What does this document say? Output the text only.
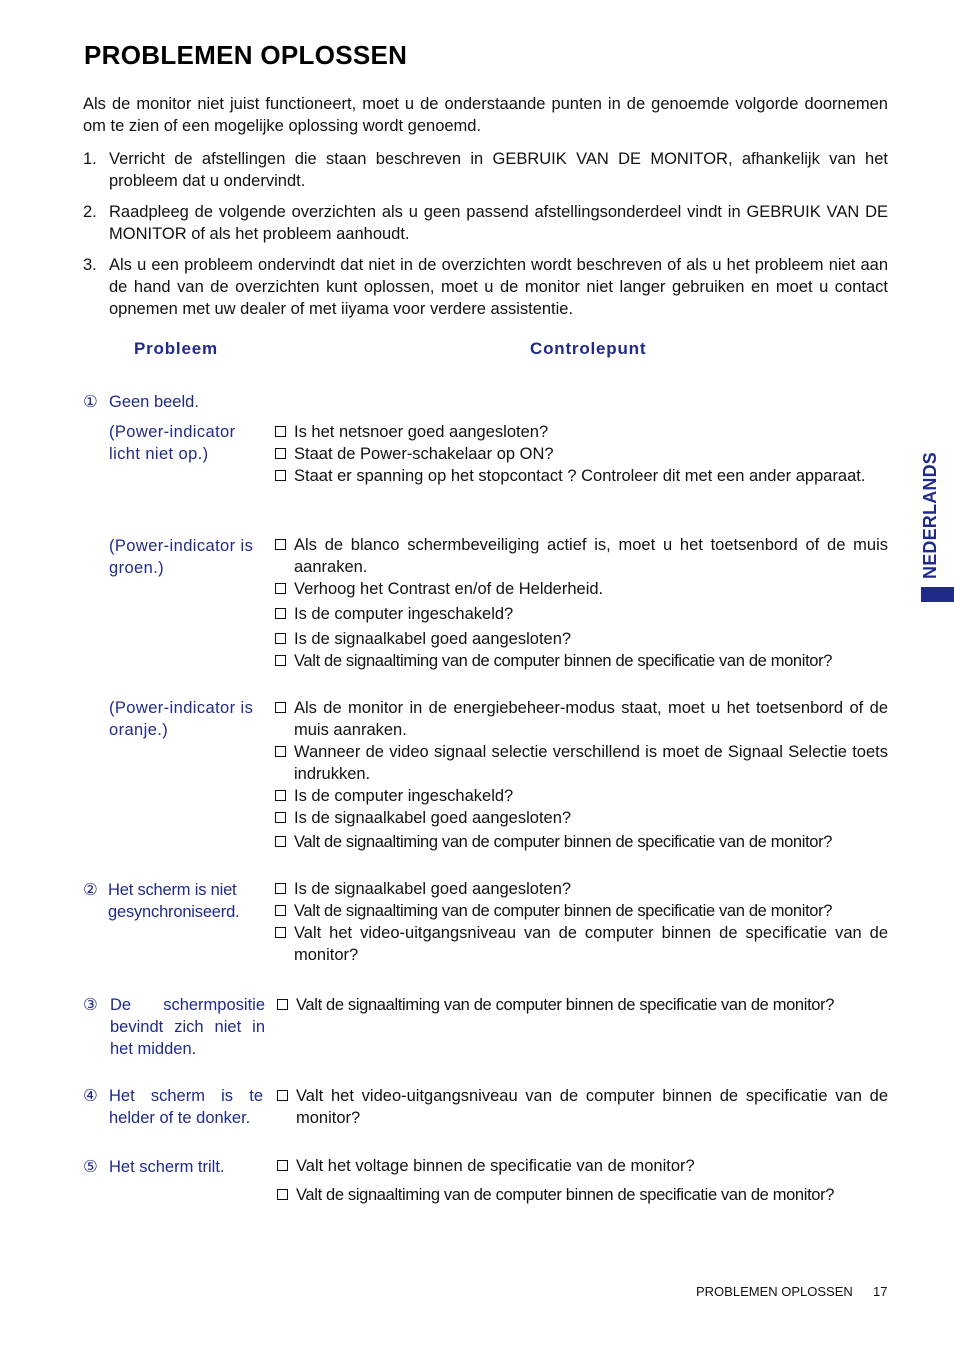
PROBLEMEN OPLOSSEN
Als de monitor niet juist functioneert, moet u de onderstaande punten in de genoemde volgorde doornemen om te zien of een mogelijke oplossing wordt genoemd.
1. Verricht de afstellingen die staan beschreven in GEBRUIK VAN DE MONITOR, afhankelijk van het probleem dat u ondervindt.
2. Raadpleeg de volgende overzichten als u geen passend afstellingsonderdeel vindt in GEBRUIK VAN DE MONITOR of als het probleem aanhoudt.
3. Als u een probleem ondervindt dat niet in de overzichten wordt beschreven of als u het probleem niet aan de hand van de overzichten kunt oplossen, moet u de monitor niet langer gebruiken en moet u contact opnemen met uw dealer of met iiyama voor verdere assistentie.
Probleem	Controlepunt
① Geen beeld.
(Power-indicator licht niet op.)
Is het netsnoer goed aangesloten?
Staat de Power-schakelaar op ON?
Staat er spanning op het stopcontact ? Controleer dit met een ander apparaat.
(Power-indicator is groen.)
Als de blanco schermbeveiliging actief is, moet u het toetsenbord of de muis aanraken.
Verhoog het Contrast en/of de Helderheid.
Is de computer ingeschakeld?
Is de signaalkabel goed aangesloten?
Valt de signaaltiming van de computer binnen de specificatie van de monitor?
(Power-indicator is oranje.)
Als de monitor in de energiebeheer-modus staat, moet u het toetsenbord of de muis aanraken.
Wanneer de video signaal selectie verschillend is moet de Signaal Selectie toets indrukken.
Is de computer ingeschakeld?
Is de signaalkabel goed aangesloten?
Valt de signaaltiming van de computer binnen de specificatie van de monitor?
② Het scherm is niet gesynchroniseerd.
Is de signaalkabel goed aangesloten?
Valt de signaaltiming van de computer binnen de specificatie van de monitor?
Valt het video-uitgangsniveau van de computer binnen de specificatie van de monitor?
③ De schermpositie bevindt zich niet in het midden.
Valt de signaaltiming van de computer binnen de specificatie van de monitor?
④ Het scherm is te helder of te donker.
Valt het video-uitgangsniveau van de computer binnen de specificatie van de monitor?
⑤ Het scherm trilt.	Valt het voltage binnen de specificatie van de monitor?
Valt de signaaltiming van de computer binnen de specificatie van de monitor?
NEDERLANDS
PROBLEMEN OPLOSSEN 17
